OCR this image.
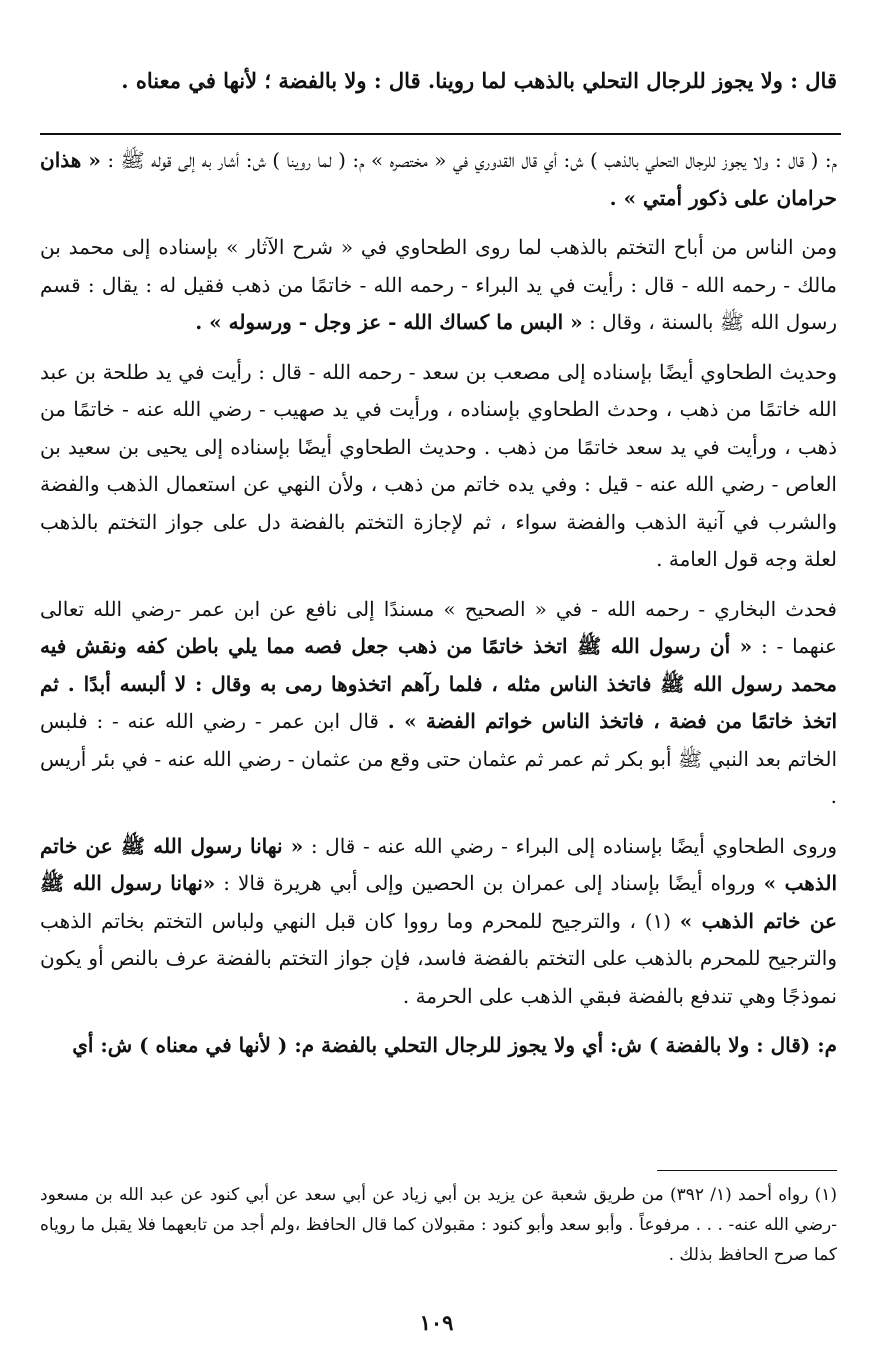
قال : ولا يجوز للرجال التحلي بالذهب لما روينا. قال : ولا بالفضة ؛ لأنها في معناه .

م: ( قال : ولا يجوز للرجال التحلي بالذهب ) ش: أي قال القدوري في « مختصره » م: ( لما روينا ) ش: أشار به إلى قوله ﷺ : « هذان حرامان على ذكور أمتي » .

ومن الناس من أباح التختم بالذهب لما روى الطحاوي في « شرح الآثار » بإسناده إلى محمد بن مالك - رحمه الله - قال : رأيت في يد البراء - رحمه الله - خاتمًا من ذهب فقيل له : يقال : قسم رسول الله ﷺ بالسنة ، وقال : « البس ما كساك الله - عز وجل - ورسوله » .

وحديث الطحاوي أيضًا بإسناده إلى مصعب بن سعد - رحمه الله - قال : رأيت في يد طلحة بن عبد الله خاتمًا من ذهب ، وحدث الطحاوي بإسناده ، ورأيت في يد صهيب - رضي الله عنه - خاتمًا من ذهب ، ورأيت في يد سعد خاتمًا من ذهب . وحديث الطحاوي أيضًا بإسناده إلى يحيى بن سعيد بن العاص - رضي الله عنه - قيل : وفي يده خاتم من ذهب ، ولأن النهي عن استعمال الذهب والفضة والشرب في آنية الذهب والفضة سواء ، ثم لإجازة التختم بالفضة دل على جواز التختم بالذهب لعلة وجه قول العامة .

فحدث البخاري - رحمه الله - في « الصحيح » مسندًا إلى نافع عن ابن عمر -رضي الله تعالى عنهما - : « أن رسول الله ﷺ اتخذ خاتمًا من ذهب جعل فصه مما يلي باطن كفه ونقش فيه محمد رسول الله ﷺ فاتخذ الناس مثله ، فلما رآهم اتخذوها رمى به وقال : لا ألبسه أبدًا . ثم اتخذ خاتمًا من فضة ، فاتخذ الناس خواتم الفضة » . قال ابن عمر - رضي الله عنه - : فلبس الخاتم بعد النبي ﷺ أبو بكر ثم عمر ثم عثمان حتى وقع من عثمان - رضي الله عنه - في بئر أريس .

وروى الطحاوي أيضًا بإسناده إلى البراء - رضي الله عنه - قال : « نهانا رسول الله ﷺ عن خاتم الذهب » ورواه أيضًا بإسناد إلى عمران بن الحصين وإلى أبي هريرة قالا : «نهانا رسول الله ﷺ عن خاتم الذهب » (١) ، والترجيح للمحرم وما رووا كان قبل النهي ولباس التختم بخاتم الذهب والترجيح للمحرم بالذهب على التختم بالفضة فاسد، فإن جواز التختم بالفضة عرف بالنص أو يكون نموذجًا وهي تندفع بالفضة فبقي الذهب على الحرمة .

م: (قال : ولا بالفضة ) ش: أي ولا يجوز للرجال التحلي بالفضة م: ( لأنها في معناه ) ش: أي

(١) رواه أحمد (١/ ٣٩٢) من طريق شعبة عن يزيد بن أبي زياد عن أبي سعد عن أبي كنود عن عبد الله بن مسعود -رضي الله عنه- . . . مرفوعاً . وأبو سعد وأبو كنود : مقبولان كما قال الحافظ ،ولم أجد من تابعهما فلا يقبل ما روياه كما صرح الحافظ بذلك .
١٠٩
